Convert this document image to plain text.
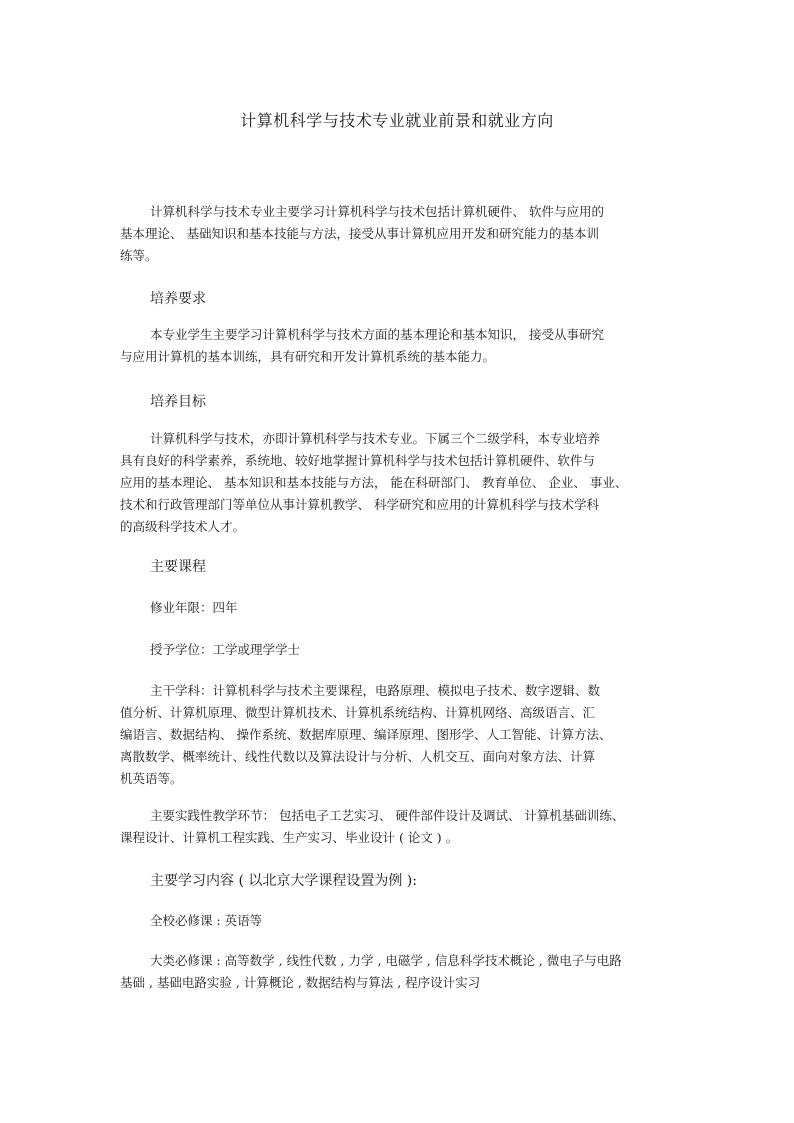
计算机科学与技术专业就业前景和就业方向
计算机科学与技术专业主要学习计算机科学与技术包括计算机硬件、 软件与应用的
基本理论、 基础知识和基本技能与方法，接受从事计算机应用开发和研究能力的基本训
练等。
培养要求
本专业学生主要学习计算机科学与技术方面的基本理论和基本知识， 接受从事研究
与应用计算机的基本训练，具有研究和开发计算机系统的基本能力。
培养目标
计算机科学与技术，亦即计算机科学与技术专业。下属三个二级学科，本专业培养
具有良好的科学素养，系统地、较好地掌握计算机科学与技术包括计算机硬件、软件与
应用的基本理论、 基本知识和基本技能与方法， 能在科研部门、 教育单位、 企业、 事业、
技术和行政管理部门等单位从事计算机教学、 科学研究和应用的计算机科学与技术学科
的高级科学技术人才。
主要课程
修业年限：四年
授予学位：工学或理学学士
主干学科：计算机科学与技术主要课程，电路原理、模拟电子技术、数字逻辑、数
值分析、计算机原理、微型计算机技术、计算机系统结构、计算机网络、高级语言、汇
编语言、数据结构、 操作系统、数据库原理、编译原理、图形学、人工智能、计算方法、
离散数学、概率统计、线性代数以及算法设计与分析、人机交互、面向对象方法、计算
机英语等。
主要实践性教学环节： 包括电子工艺实习、 硬件部件设计及调试、 计算机基础训练、
课程设计、计算机工程实践、生产实习、毕业设计 ( 论文 ) 。
主要学习内容 ( 以北京大学课程设置为例 ):
全校必修课 : 英语等
大类必修课 : 高等数学 , 线性代数 , 力学 , 电磁学 , 信息科学技术概论 , 微电子与电路
基础 , 基础电路实验 , 计算概论 , 数据结构与算法 , 程序设计实习
